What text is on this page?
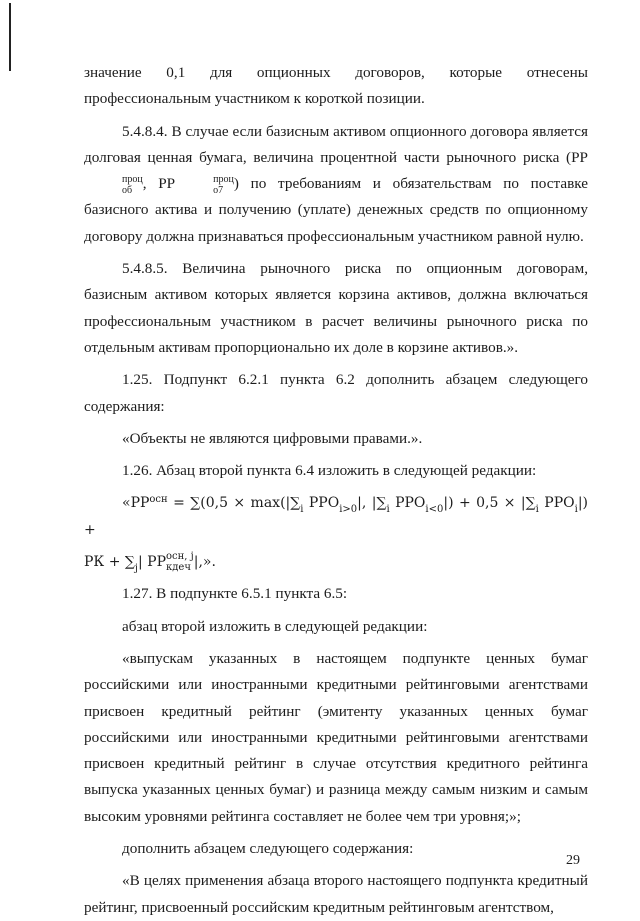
значение 0,1 для опционных договоров, которые отнесены профессиональным участником к короткой позиции.

5.4.8.4. В случае если базисным активом опционного договора является долговая ценная бумага, величина процентной части рыночного риска (РР
проц
об , РР	проц
о7 ) по требованиям и обязательствам по поставке базисного актива и получению (уплате) денежных средств по опционному договору должна признаваться профессиональным участником равной нулю.

5.4.8.5. Величина рыночного риска по опционным договорам, базисным активом которых является корзина активов, должна включаться профессиональным участником в расчет величины рыночного риска по отдельным активам пропорционально их доле в корзине активов.».

1.25. Подпункт 6.2.1 пункта 6.2 дополнить абзацем следующего содержания:

«Объекты не являются цифровыми правами.».

1.26. Абзац второй пункта 6.4 изложить в следующей редакции:

«$РР^{осн} = \sum(0,5 \times \max(|\sum_i$ $РРО_{i>0}|$, $|\sum_i$ $РРО_{i<0}|) + 0,5 \times |\sum_i$ $РРО_i|$) +

РК + $\sum_j|$ РР осн, j
кдеч |,».

1.27. В подпункте 6.5.1 пункта 6.5:

абзац второй изложить в следующей редакции:

«выпускам указанных в настоящем подпункте ценных бумаг российскими или иностранными кредитными рейтинговыми агентствами присвоен кредитный рейтинг (эмитенту указанных ценных бумаг российскими или иностранными кредитными рейтинговыми агентствами присвоен кредитный рейтинг в случае отсутствия кредитного рейтинга выпуска указанных ценных бумаг) и разница между самым низким и самым высоким уровнями рейтинга составляет не более чем три уровня;»;

дополнить абзацем следующего содержания:

«В целях применения абзаца второго настоящего подпункта кредитный рейтинг, присвоенный российским кредитным рейтинговым агентством,

29
